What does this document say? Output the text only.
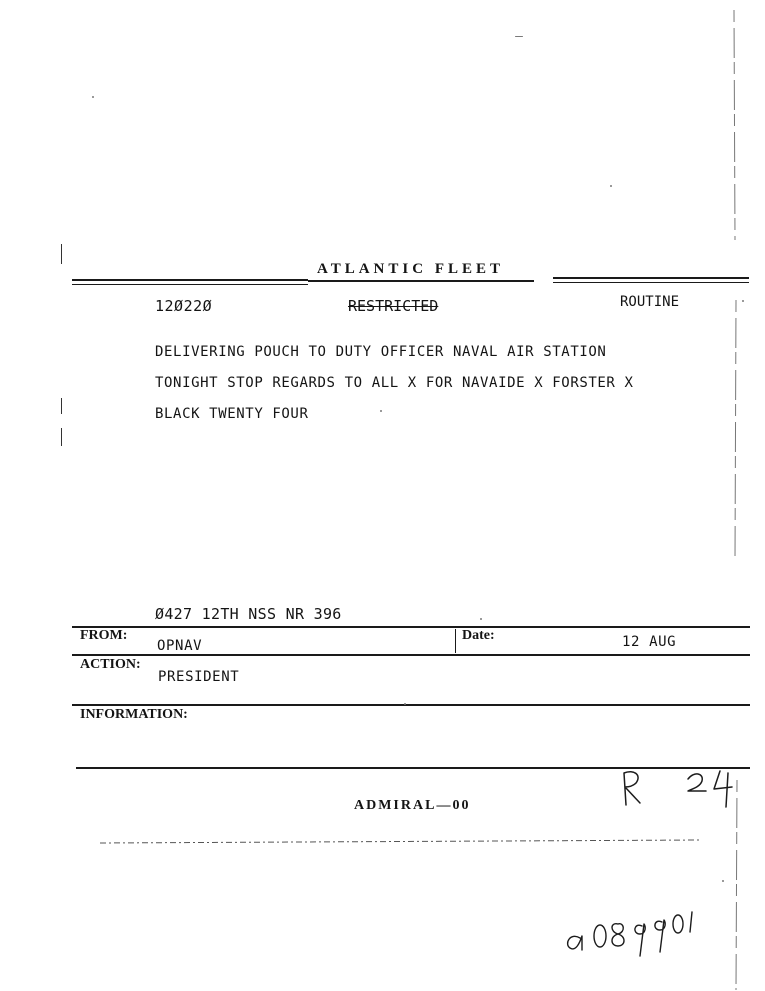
ATLANTIC FLEET
12Ø22Ø	RESTRICTED	ROUTINE
DELIVERING POUCH TO DUTY OFFICER NAVAL AIR STATION
TONIGHT STOP REGARDS TO ALL X FOR NAVAIDE X FORSTER X
BLACK TWENTY FOUR
Ø427 12TH NSS NR 396
FROM:
OPNAV
Date:	12 AUG
ACTION:
PRESIDENT
INFORMATION:
ADMIRAL—00
